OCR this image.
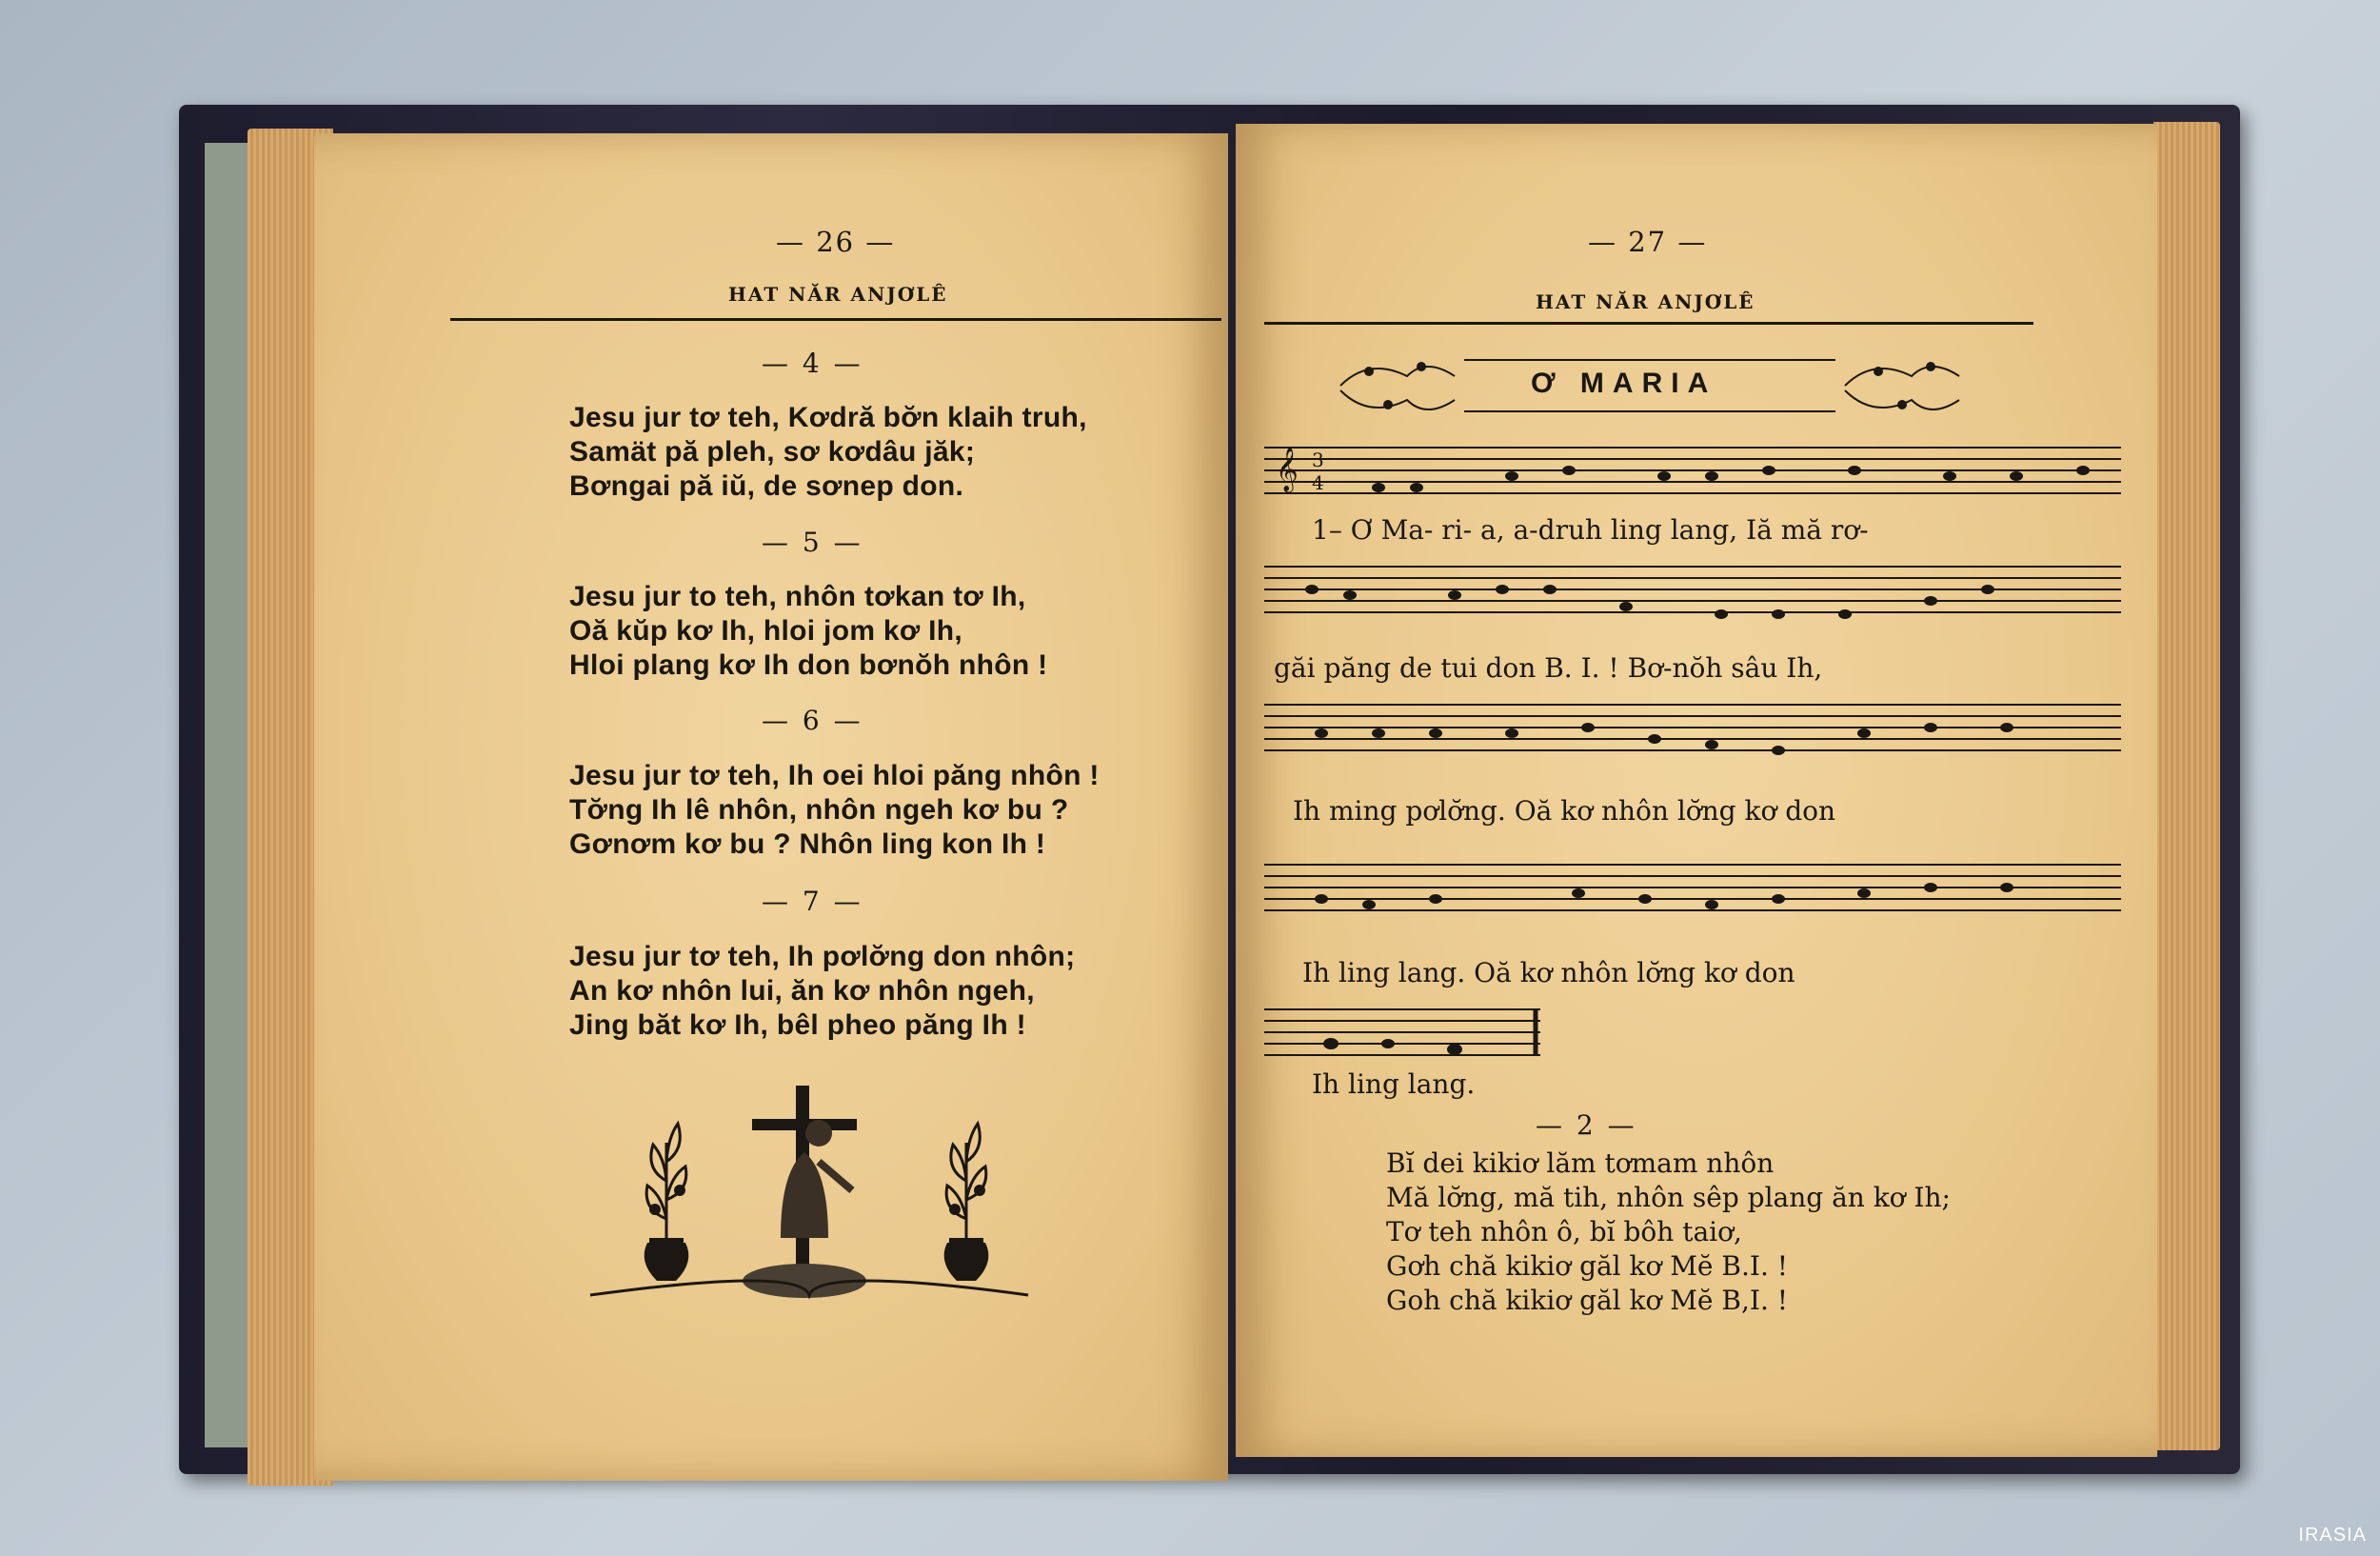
— 26 —
HAT NĂR ANJƠLÊ
— 4 —
Jesu jur tơ teh, Kơdră bơ̆n klaih truh,
Samät pă pleh, sơ kơdâu jăk;
Bơngai pă iŭ, de sơnep don.
— 5 —
Jesu jur to teh, nhôn tơkan tơ Ih,
Oă kŭp kơ Ih, hloi jom kơ Ih,
Hloi plang kơ Ih don bơnŏh nhôn !
— 6 —
Jesu jur tơ teh, Ih oei hloi păng nhôn !
Tơ̆ng Ih lê nhôn, nhôn ngeh kơ bu ?
Gơnơm kơ bu ? Nhôn ling kon Ih !
— 7 —
Jesu jur tơ teh, Ih pơlơ̆ng don nhôn;
An kơ nhôn lui, ăn kơ nhôn ngeh,
Jing băt kơ Ih, bêl pheo păng Ih !
— 27 —
HAT NĂR ANJƠLÊ
Ơ MARIA
𝄞 3
4
1– Ơ Ma- ri- a, a-druh ling lang, Iă mă rơ-
găi păng de tui don B. I. ! Bơ-nŏh sâu Ih,
Ih ming pơlơ̆ng. Oă kơ nhôn lơ̆ng kơ don
Ih ling lang. Oă kơ nhôn lơ̆ng kơ don
Ih ling lang.
— 2 —
Bĭ dei kikiơ lăm tơmam nhôn
Mă lơ̆ng, mă tih, nhôn sêp plang ăn kơ Ih;
Tơ teh nhôn ô, bĭ bôh taiơ,
Gơh chă kikiơ găl kơ Mĕ B.I. !
Goh chă kikiơ găl kơ Mĕ B,I. !
IRASIA
